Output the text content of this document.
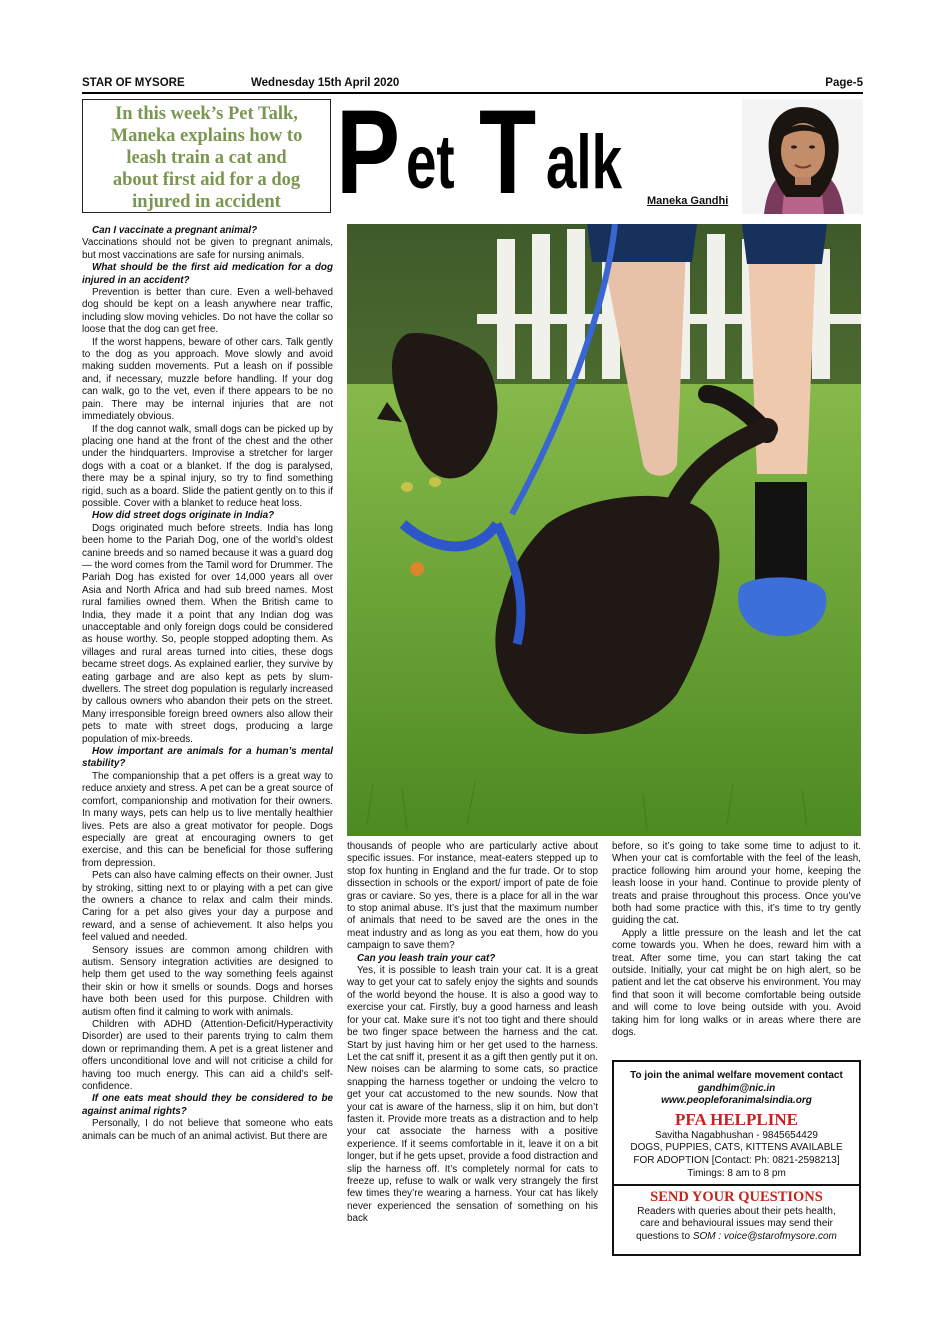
STAR OF MYSORE	Wednesday 15th April 2020	Page-5

In this week’s Pet Talk,

Maneka explains how to

leash train a cat and

about first aid for a dog

injured in accident P et T alk Maneka Gandhi

Can I vaccinate a pregnant animal?

Vaccinations should not be given to pregnant animals, but most vaccinations are safe for nursing animals.

What should be the first aid medication for a dog injured in an accident?

Prevention is better than cure. Even a well-behaved dog should be kept on a leash anywhere near traffic, including slow moving vehicles. Do not have the collar so loose that the dog can get free.

If the worst happens, beware of other cars. Talk gently to the dog as you approach. Move slowly and avoid making sudden movements. Put a leash on if possible and, if necessary, muzzle before handling. If your dog can walk, go to the vet, even if there appears to be no pain. There may be internal injuries that are not immediately obvious.

If the dog cannot walk, small dogs can be picked up by placing one hand at the front of the chest and the other under the hindquarters. Improvise a stretcher for larger dogs with a coat or a blanket. If the dog is paralysed, there may be a spinal injury, so try to find something rigid, such as a board. Slide the patient gently on to this if possible. Cover with a blanket to reduce heat loss.

How did street dogs originate in India?

Dogs originated much before streets. India has long been home to the Pariah Dog, one of the world’s oldest canine breeds and so named because it was a guard dog — the word comes from the Tamil word for Drummer. The Pariah Dog has existed for over 14,000 years all over Asia and North Africa and had sub breed names. Most rural families owned them. When the British came to India, they made it a point that any Indian dog was unacceptable and only foreign dogs could be considered as house worthy. So, people stopped adopting them. As villages and rural areas turned into cities, these dogs became street dogs. As explained earlier, they survive by eating garbage and are also kept as pets by slum-dwellers. The street dog population is regularly increased by callous owners who abandon their pets on the street. Many irresponsible foreign breed owners also allow their pets to mate with street dogs, producing a large population of mix-breeds.

How important are animals for a human’s mental stability?

The companionship that a pet offers is a great way to reduce anxiety and stress. A pet can be a great source of comfort, companionship and motivation for their owners. In many ways, pets can help us to live mentally healthier lives. Pets are also a great motivator for people. Dogs especially are great at encouraging owners to get exercise, and this can be beneficial for those suffering from depression.

Pets can also have calming effects on their owner. Just by stroking, sitting next to or playing with a pet can give the owners a chance to relax and calm their minds. Caring for a pet also gives your day a purpose and reward, and a sense of achievement. It also helps you feel valued and needed.

Sensory issues are common among children with autism. Sensory integration activities are designed to help them get used to the way something feels against their skin or how it smells or sounds. Dogs and horses have both been used for this purpose. Children with autism often find it calming to work with animals.

Children with ADHD (Attention-Deficit/Hyperactivity Disorder) are used to their parents trying to calm them down or reprimanding them. A pet is a great listener and offers unconditional love and will not criticise a child for having too much energy. This can aid a child’s self-confidence.

If one eats meat should they be considered to be against animal rights?

Personally, I do not believe that someone who eats animals can be much of an animal activist. But there are

thousands of people who are particularly active about specific issues. For instance, meat-eaters stepped up to stop fox hunting in England and the fur trade. Or to stop dissection in schools or the export/ import of pate de foie gras or caviare. So yes, there is a place for all in the war to stop animal abuse. It’s just that the maximum number of animals that need to be saved are the ones in the meat industry and as long as you eat them, how do you campaign to save them?

Can you leash train your cat?

Yes, it is possible to leash train your cat. It is a great way to get your cat to safely enjoy the sights and sounds of the world beyond the house. It is also a good way to exercise your cat. Firstly, buy a good harness and leash for your cat. Make sure it’s not too tight and there should be two finger space between the harness and the cat. Start by just having him or her get used to the harness. Let the cat sniff it, present it as a gift then gently put it on. New noises can be alarming to some cats, so practice snapping the harness together or undoing the velcro to get your cat accustomed to the new sounds. Now that your cat is aware of the harness, slip it on him, but don’t fasten it. Provide more treats as a distraction and to help your cat associate the harness with a positive experience. If it seems comfortable in it, leave it on a bit longer, but if he gets upset, provide a food distraction and slip the harness off. It’s completely normal for cats to freeze up, refuse to walk or walk very strangely the first few times they’re wearing a harness. Your cat has likely never experienced the sensation of something on his back

before, so it’s going to take some time to adjust to it. When your cat is comfortable with the feel of the leash, practice following him around your home, keeping the leash loose in your hand. Continue to provide plenty of treats and praise throughout this process. Once you’ve both had some practice with this, it’s time to try gently guiding the cat.

Apply a little pressure on the leash and let the cat come towards you. When he does, reward him with a treat. After some time, you can start taking the cat outside. Initially, your cat might be on high alert, so be patient and let the cat observe his environment. You may find that soon it will become comfortable being outside and will come to love being outside with you. Avoid taking him for long walks or in areas where there are dogs.

To join the animal welfare movement contact
gandhim@nic.in
www.peopleforanimalsindia.org
PFA HELPLINE
Savitha Nagabhushan - 9845654429
DOGS, PUPPIES, CATS, KITTENS AVAILABLE
FOR ADOPTION [Contact: Ph: 0821-2598213]
Timings: 8 am to 8 pm
SEND YOUR QUESTIONS
Readers with queries about their pets health,
care and behavioural issues may send their
questions to SOM : voice@starofmysore.com
